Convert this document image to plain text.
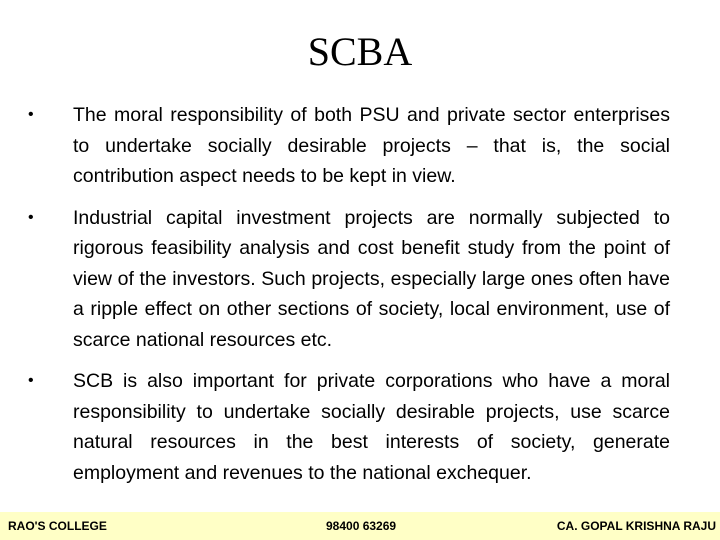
SCBA
• The moral responsibility of both PSU and private sector enterprises to undertake socially desirable projects – that is, the social contribution aspect needs to be kept in view.
• Industrial capital investment projects are normally subjected to rigorous feasibility analysis and cost benefit study from the point of view of the investors. Such projects, especially large ones often have a ripple effect on other sections of society, local environment, use of scarce national resources etc.
• SCB is also important for private corporations who have a moral responsibility to undertake socially desirable projects, use scarce natural resources in the best interests of society, generate employment and revenues to the national exchequer.
RAO'S COLLEGE	98400 63269	CA. GOPAL KRISHNA RAJU
